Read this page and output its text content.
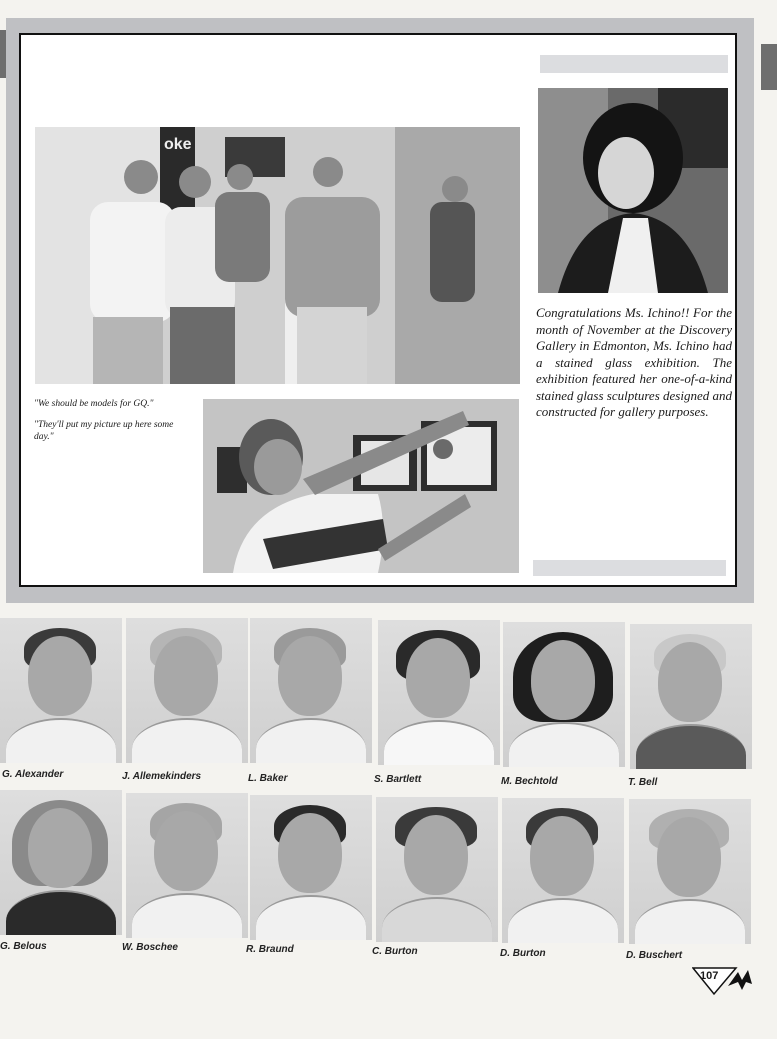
oke
"We should be models for GQ."
"They'll put my picture up here some day."
Congratulations Ms. Ichino!! For the month of November at the Discovery Gallery in Edmonton, Ms. Ichino had a stained glass exhibition. The exhibition featured her one-of-a-kind stained glass sculptures designed and constructed for gallery purposes.
G. Alexander	J. Allemekinders	L. Baker	S. Bartlett	M. Bechtold	T. Bell
G. Belous	W. Boschee	R. Braund	C. Burton	D. Burton	D. Buschert
107
